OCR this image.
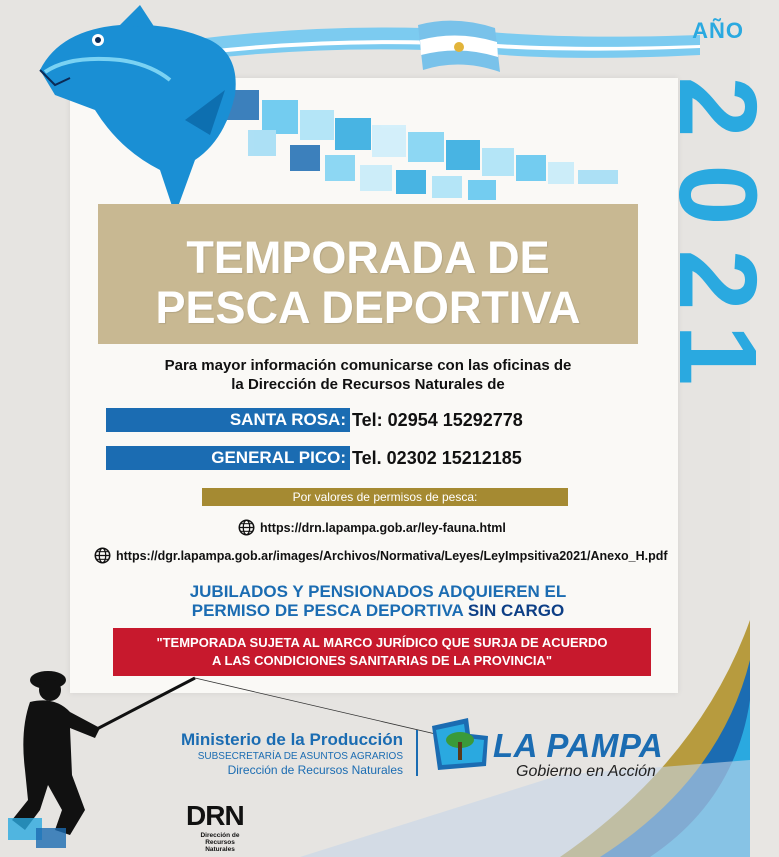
AÑO
2
0
2
1
TEMPORADA DE
PESCA DEPORTIVA
Para mayor información comunicarse con las oficinas de
la Dirección de Recursos Naturales de
SANTA ROSA: Tel: 02954 15292778
GENERAL PICO: Tel. 02302 15212185
Por valores de permisos de pesca:
https://drn.lapampa.gob.ar/ley-fauna.html
https://dgr.lapampa.gob.ar/images/Archivos/Normativa/Leyes/LeyImpsitiva2021/Anexo_H.pdf
JUBILADOS Y PENSIONADOS ADQUIEREN EL
PERMISO DE PESCA DEPORTIVA SIN CARGO
"TEMPORADA SUJETA AL MARCO JURÍDICO QUE SURJA DE ACUERDO
A LAS CONDICIONES SANITARIAS DE LA PROVINCIA"
Ministerio de la Producción
SUBSECRETARÍA DE ASUNTOS AGRARIOS
Dirección de Recursos Naturales
LA PAMPA
Gobierno en Acción
DRN
Dirección de Recursos Naturales
